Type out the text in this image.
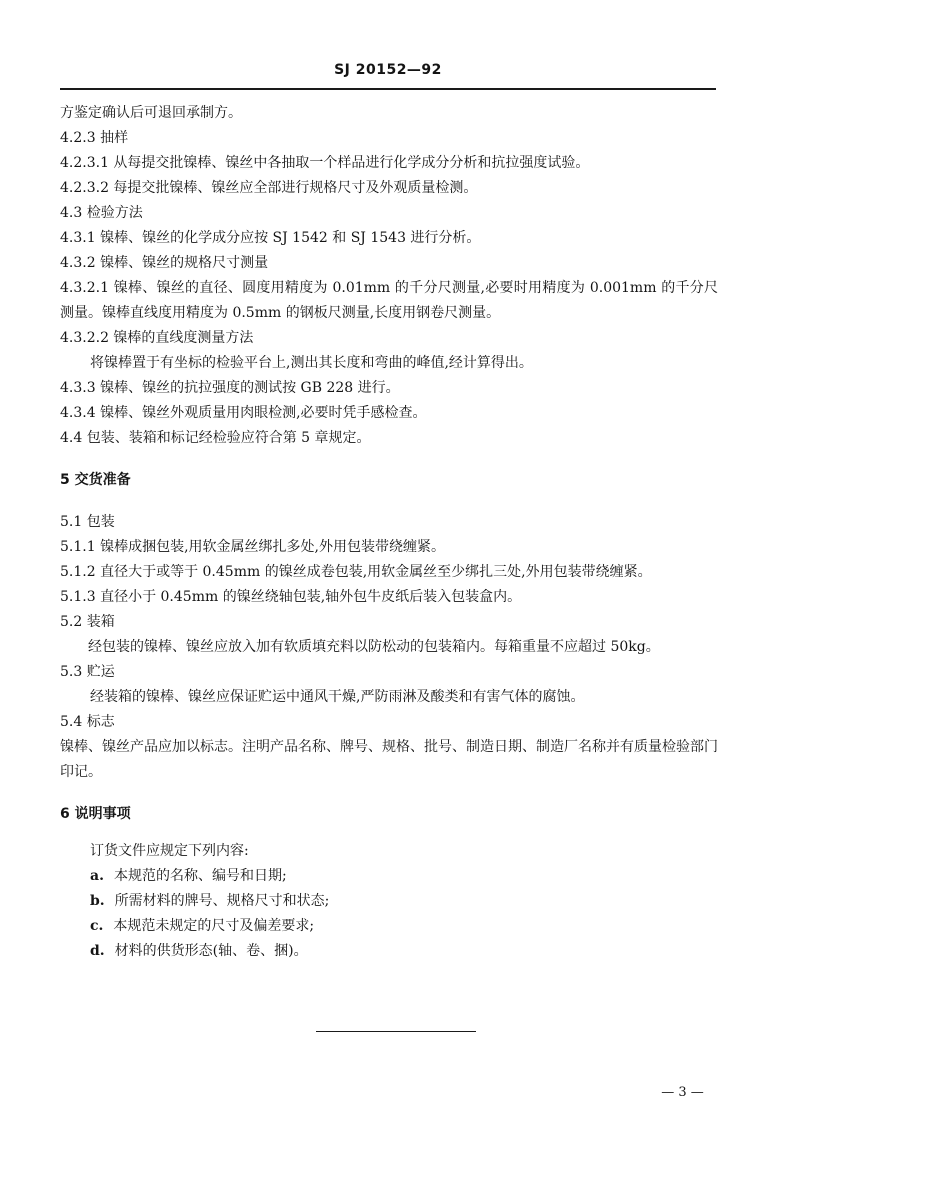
SJ 20152—92
方鉴定确认后可退回承制方。
4.2.3 抽样
4.2.3.1 从每提交批镍棒、镍丝中各抽取一个样品进行化学成分分析和抗拉强度试验。
4.2.3.2 每提交批镍棒、镍丝应全部进行规格尺寸及外观质量检测。
4.3 检验方法
4.3.1 镍棒、镍丝的化学成分应按 SJ 1542 和 SJ 1543 进行分析。
4.3.2 镍棒、镍丝的规格尺寸测量
4.3.2.1 镍棒、镍丝的直径、圆度用精度为 0.01mm 的千分尺测量,必要时用精度为 0.001mm 的千分尺测量。镍棒直线度用精度为 0.5mm 的钢板尺测量,长度用钢卷尺测量。
4.3.2.2 镍棒的直线度测量方法
将镍棒置于有坐标的检验平台上,测出其长度和弯曲的峰值,经计算得出。
4.3.3 镍棒、镍丝的抗拉强度的测试按 GB 228 进行。
4.3.4 镍棒、镍丝外观质量用肉眼检测,必要时凭手感检查。
4.4 包装、装箱和标记经检验应符合第 5 章规定。
5 交货准备
5.1 包装
5.1.1 镍棒成捆包装,用软金属丝绑扎多处,外用包装带绕缠紧。
5.1.2 直径大于或等于 0.45mm 的镍丝成卷包装,用软金属丝至少绑扎三处,外用包装带绕缠紧。
5.1.3 直径小于 0.45mm 的镍丝绕轴包装,轴外包牛皮纸后装入包装盒内。
5.2 装箱
经包装的镍棒、镍丝应放入加有软质填充料以防松动的包装箱内。每箱重量不应超过 50kg。
5.3 贮运
经装箱的镍棒、镍丝应保证贮运中通风干燥,严防雨淋及酸类和有害气体的腐蚀。
5.4 标志
镍棒、镍丝产品应加以标志。注明产品名称、牌号、规格、批号、制造日期、制造厂名称并有质量检验部门印记。
6 说明事项
订货文件应规定下列内容:
a. 本规范的名称、编号和日期;
b. 所需材料的牌号、规格尺寸和状态;
c. 本规范未规定的尺寸及偏差要求;
d. 材料的供货形态(轴、卷、捆)。
— 3 —
